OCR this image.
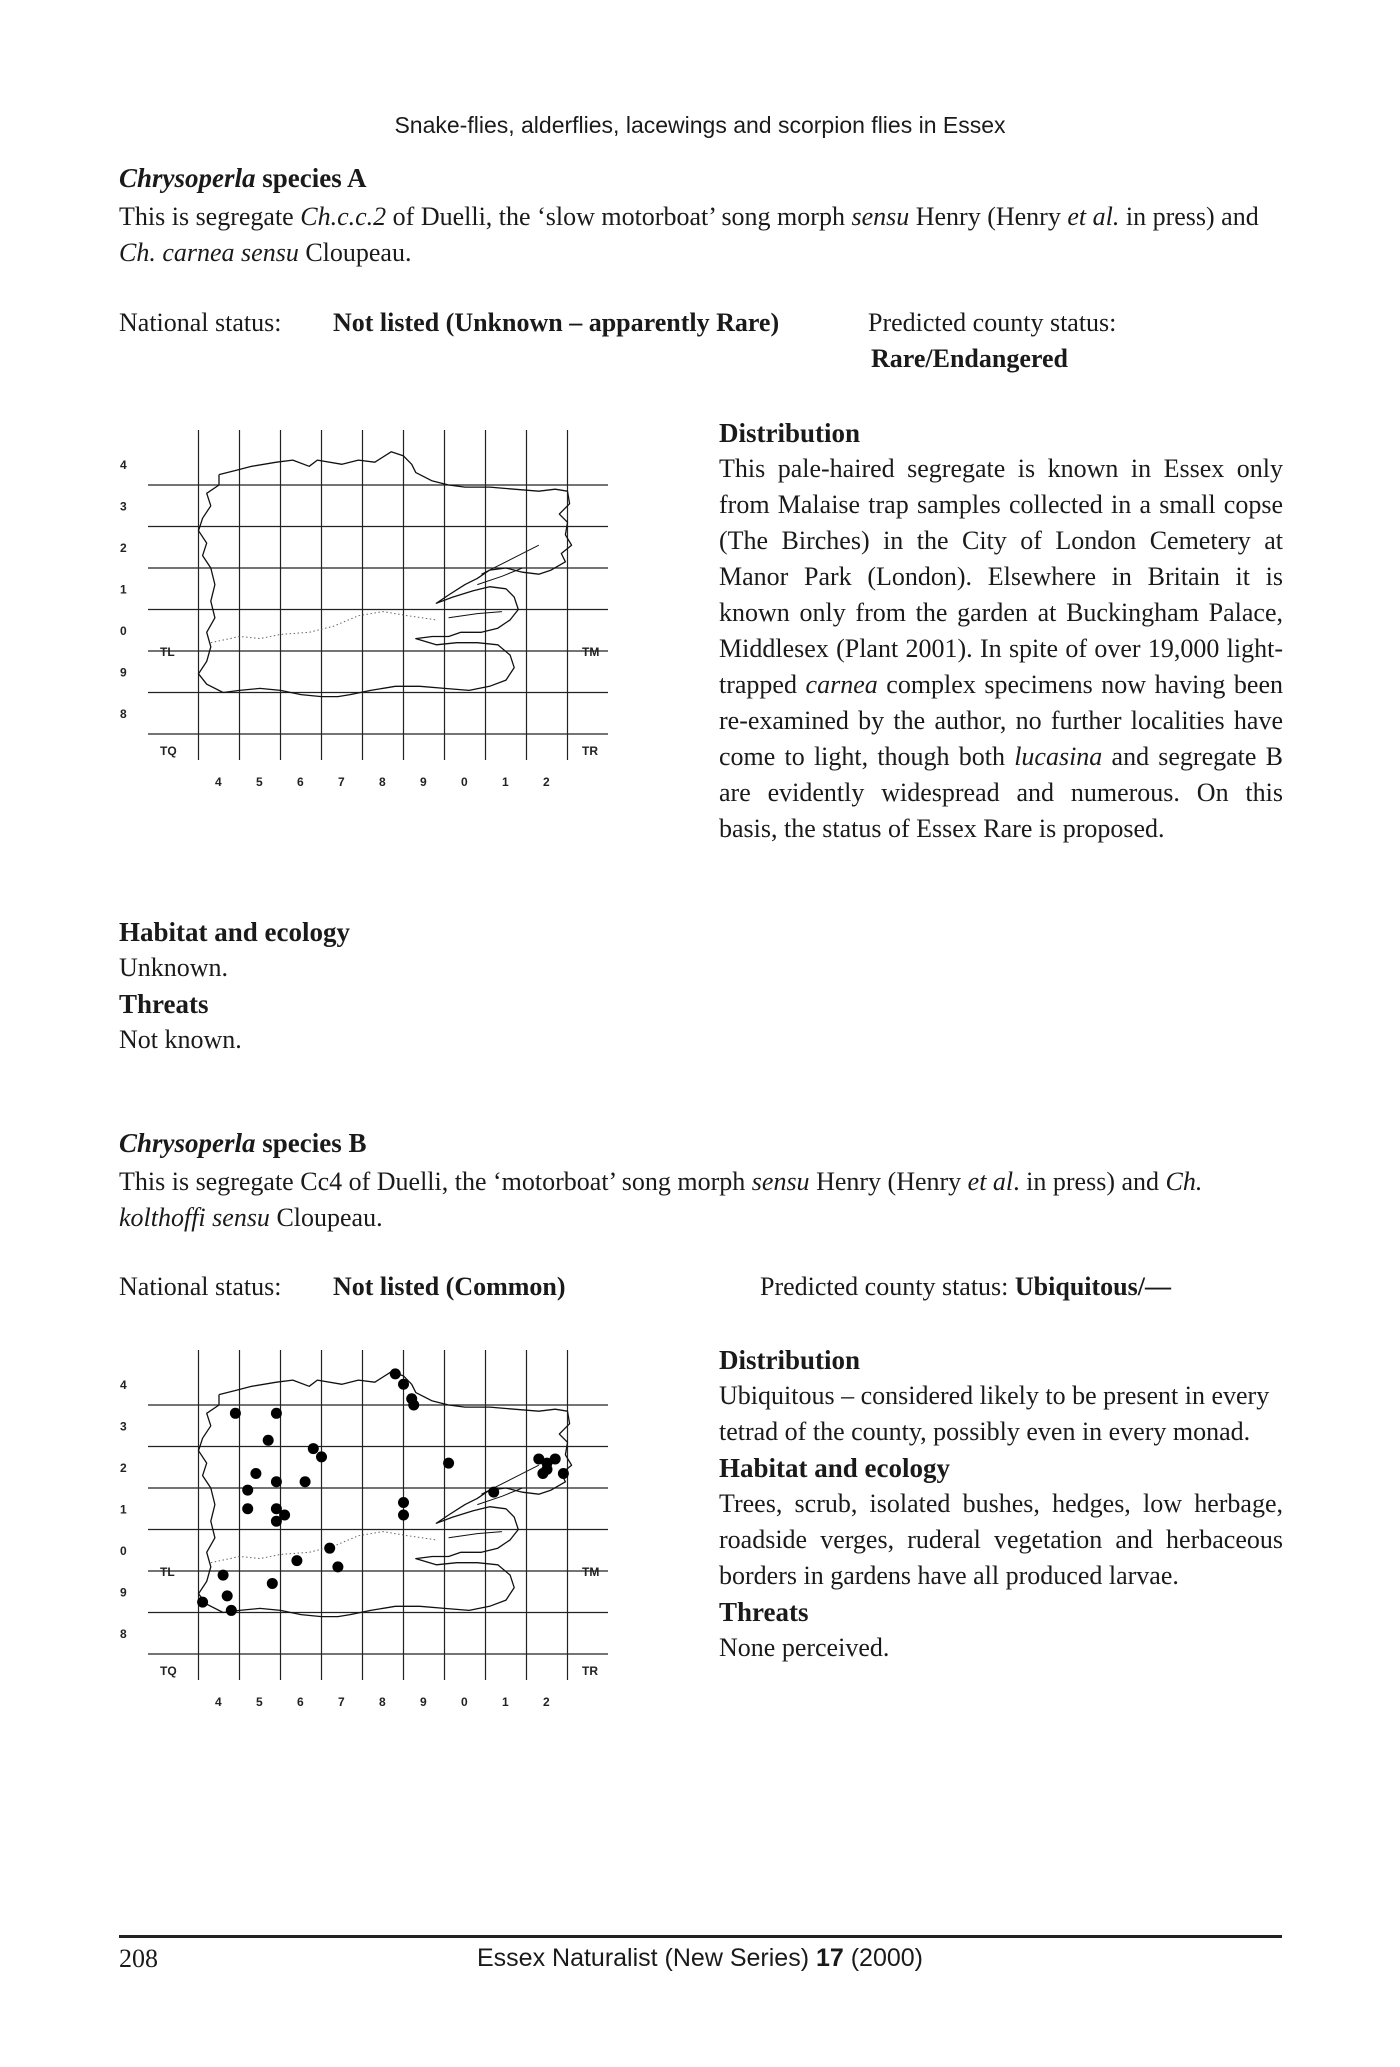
Snake-flies, alderflies, lacewings and scorpion flies in Essex
Chrysoperla species A
This is segregate Ch.c.c.2 of Duelli, the ‘slow motorboat’ song morph sensu Henry (Henry et al. in press) and Ch. carnea sensu Cloupeau.
National status: Not listed (Unknown – apparently Rare)	Predicted county status:
Rare/Endangered
4
3
2
1
0
9
8
4	5	6	7	8	9	0	1	2
TL	TM
TQ	TR
Distribution
This pale-haired segregate is known in Essex only from Malaise trap samples collected in a small copse (The Birches) in the City of London Cemetery at Manor Park (London). Elsewhere in Britain it is known only from the garden at Buckingham Palace, Middlesex (Plant 2001). In spite of over 19,000 light-trapped carnea complex specimens now having been re-examined by the author, no further localities have come to light, though both lucasina and segregate B are evidently widespread and numerous. On this basis, the status of Essex Rare is proposed.
Habitat and ecology
Unknown.
Threats
Not known.
Chrysoperla species B
This is segregate Cc4 of Duelli, the ‘motorboat’ song morph sensu Henry (Henry et al. in press) and Ch. kolthoffi sensu Cloupeau.
National status: Not listed (Common)	Predicted county status: Ubiquitous/—
4
3
2
1
0
9
8
4	5	6	7	8	9	0	1	2
TL	TM
TQ	TR
Distribution
Ubiquitous – considered likely to be present in every tetrad of the county, possibly even in every monad.
Habitat and ecology
Trees, scrub, isolated bushes, hedges, low herbage, roadside verges, ruderal vegetation and herbaceous borders in gardens have all produced larvae.
Threats
None perceived.
208	Essex Naturalist (New Series) 17 (2000)
